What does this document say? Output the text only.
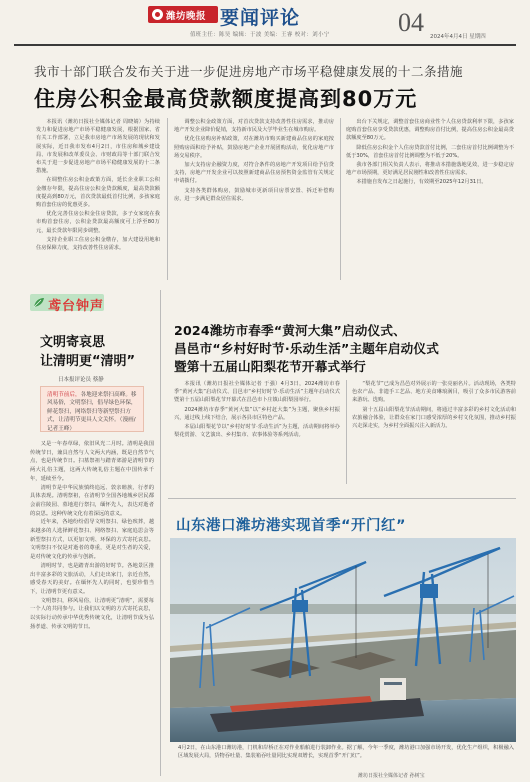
潍坊晚报 要闻评论	04
值班主任：陈昊 编辑：于波 美编：王睿 校对：刘小宁	2024年4月4日 星期四
我市十部门联合发布关于进一步促进房地产市场平稳健康发展的十二条措施
住房公积金最高贷款额度提高到80万元

本报讯（潍坊日报社全媒体记者 周晓婧）为持续发力和促进房地产市场平稳健康发展，根据国家、省有关工作部署，立足我市房地产市场发展的现状和发展实际，近日我市发布4月2日，市住房和城乡建设局、市发展和改革委员会、市财政局等十部门联合发布关于进一步促进房地产市场平稳健康发展的十二条措施。

在调整住房公积金政策方面，延长企业职工公积金缴存年限，提高住房公积金贷款额度，最高贷款额度提高到80万元，首次贷款最低首付比例，多孩家庭购首套住房的优惠更多。

优化完善住房公积金住房贷款，多子女家庭在我市购首套住房，公积金贷款最高额度可上浮至80万元，最长贷款年限同步调整。

支持企业职工住房公积金缴存，加大建设用地和住房保障力度，支持改善性住房需求。

调整公积金政策方面，对首次贷款支持改善性住房需求，推动房地产开发企业降价促销，支持新市民及大学毕业生在城市购房。

优化住房购房补贴政策，对在潍坊市购买新建商品住房的家庭按照购房面积给予补贴，鼓励房地产企业开展团购活动，优化房地产市场交易秩序。

加大支持房企融资力度，对符合条件的房地产开发项目给予信贷支持，房地产开发企业可以按照新建商品住房预售资金监管有关规定申请拨付。

支持各类群体购房，鼓励城市更新项目房票安置、拆迁补偿购房，进一步满足群众居住需求。

出台下关规定，调整首套住房商业性个人住房贷款利率下限，多孩家庭购首套住房享受贷款优惠，调整购房首付比例，提高住房公积金最高贷款额度至80万元。

降低住房公积金个人住房贷款首付比例，二套住房首付比例调整为不低于30%，首套住房首付比例调整为不低于20%。

我市各部门相关负责人表示，将推动本措施落地见效，进一步稳定房地产市场预期，更好满足居民刚性和改善性住房需求。

本措施自发布之日起施行，有效期至2025年12月31日。

鸢台钟声
文明寄哀思
让清明更“清明”
日本报评论员 蔡静
清明节前后，各地迎来祭扫高峰。移风易俗，文明祭扫，倡导绿色环保，鲜花祭扫，网络祭扫等新型祭扫方式，让清明节更具人文关怀。（漫画/记者王峰）

又是一年春草绿，依旧风光二月时。清明是我国传统节日，兼具自然与人文两大内涵，既是自然节气点，也是传统节日。扫墓祭祖与踏青郊游是清明节的两大礼俗主题，这两大传统礼俗主题在中国传承千年，延续至今。

清明节是中华民族慎终追远、敦亲睦族、行孝的具体表现。清明祭祖，在清明节全国各地城乡居民都会前往陵园、墓地进行祭扫，缅怀先人，表达对逝者的哀思。这种传统文化有着深远的意义。

近年来，各地纷纷倡导文明祭扫、绿色殡葬，越来越多的人选择鲜花祭扫、网络祭扫、家庭追思会等新型祭扫方式，以更加文明、环保的方式寄托哀思。文明祭扫不仅是对逝者的尊重，更是对生者的关爱，是对传统文化的传承与创新。

清明时节，也是踏青出游的好时节。各地景区推出丰富多彩的文旅活动，人们走出家门，亲近自然，感受春天的美好。在缅怀先人的同时，也要珍惜当下，让清明节更有意义。

文明祭扫，移风易俗，让清明更“清明”，需要每一个人的共同参与。让我们以文明的方式寄托哀思，以实际行动传承中华优秀传统文化，让清明节成为弘扬孝道、传承文明的节日。

2024潍坊市春季“黄河大集”启动仪式、
昌邑市“乡村好时节·乐动生活”主题年启动仪式
暨第十五届山阳梨花节开幕式举行

本报讯（潍坊日报社全媒体记者 于强）4月3日，2024潍坊市春季“黄河大集”启动仪式、昌邑市“乡村好时节·乐动生活”主题年启动仪式暨第十五届山阳梨花节开幕式在昌邑市卜庄镇山阳梨园举行。

2024潍坊市春季“黄河大集”以“乡村赶大集”为主题，聚焦乡村振兴，通过线上线下结合，展示各县市区特色产品。

本届山阳梨花节以“乡村好时节·乐动生活”为主题，活动期间将举办梨花赏游、文艺演出、乡村集市、农事体验等系列活动。

“梨花节”已成为昌邑对外展示的一张亮丽名片。活动现场，各类特色农产品、非遗手工艺品、地方美食琳琅满目，吸引了众多市民游客前来游玩、选购。

第十五届山阳梨花节活动期间，将通过丰富多彩的乡村文化活动和农旅融合体验，让群众在家门口感受浓厚的乡村文化氛围，推动乡村振兴走深走实，为乡村全面振兴注入新活力。

山东港口潍坊港实现首季“开门红”
4月2日，在山东港口潍坊港，门机和岸桥正在对作业船舶进行装卸作业。据了解，今年一季度，潍坊港口加强市场开发，优化生产组织，积极融入区域发展大局，货物吞吐量、集装箱吞吐量同比实现双增长，实现首季“开门红”。
潍坊日报社全媒体记者 孙树宝
